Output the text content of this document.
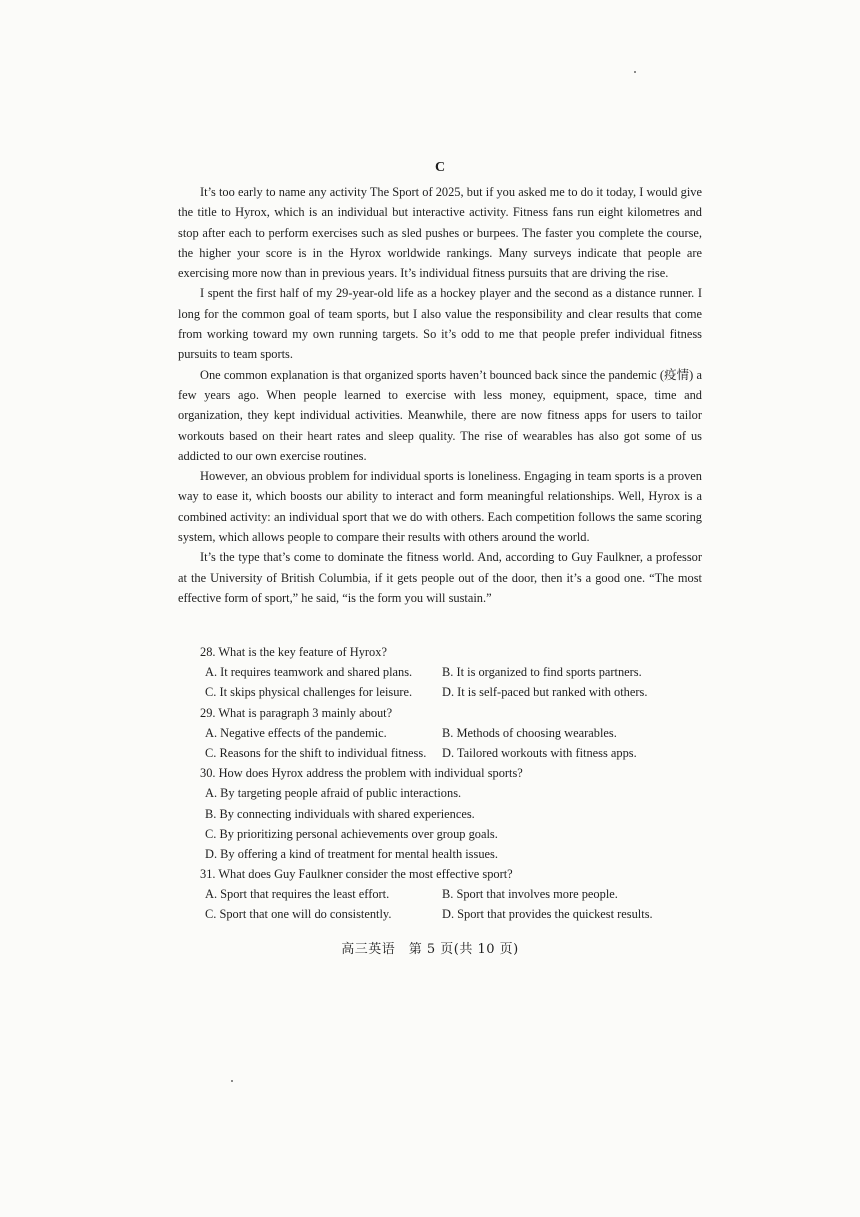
C

It’s too early to name any activity The Sport of 2025, but if you asked me to do it today, I would give the title to Hyrox, which is an individual but interactive activity. Fitness fans run eight kilometres and stop after each to perform exercises such as sled pushes or burpees. The faster you complete the course, the higher your score is in the Hyrox worldwide rankings. Many surveys indicate that people are exercising more now than in previous years. It’s individual fitness pursuits that are driving the rise.

I spent the first half of my 29-year-old life as a hockey player and the second as a distance runner. I long for the common goal of team sports, but I also value the responsibility and clear results that come from working toward my own running targets. So it’s odd to me that people prefer individual fitness pursuits to team sports.

One common explanation is that organized sports haven’t bounced back since the pandemic (疫情) a few years ago. When people learned to exercise with less money, equipment, space, time and organization, they kept individual activities. Meanwhile, there are now fitness apps for users to tailor workouts based on their heart rates and sleep quality. The rise of wearables has also got some of us addicted to our own exercise routines.

However, an obvious problem for individual sports is loneliness. Engaging in team sports is a proven way to ease it, which boosts our ability to interact and form meaningful relationships. Well, Hyrox is a combined activity: an individual sport that we do with others. Each competition follows the same scoring system, which allows people to compare their results with others around the world.

It’s the type that’s come to dominate the fitness world. And, according to Guy Faulkner, a professor at the University of British Columbia, if it gets people out of the door, then it’s a good one. “The most effective form of sport,” he said, “is the form you will sustain.”

28. What is the key feature of Hyrox?
A. It requires teamwork and shared plans.	B. It is organized to find sports partners.
C. It skips physical challenges for leisure.	D. It is self-paced but ranked with others.
29. What is paragraph 3 mainly about?
A. Negative effects of the pandemic.	B. Methods of choosing wearables.
C. Reasons for the shift to individual fitness.	D. Tailored workouts with fitness apps.
30. How does Hyrox address the problem with individual sports?
A. By targeting people afraid of public interactions.
B. By connecting individuals with shared experiences.
C. By prioritizing personal achievements over group goals.
D. By offering a kind of treatment for mental health issues.
31. What does Guy Faulkner consider the most effective sport?
A. Sport that requires the least effort.	B. Sport that involves more people.
C. Sport that one will do consistently.	D. Sport that provides the quickest results.
高三英语　第 5 页(共 10 页)
